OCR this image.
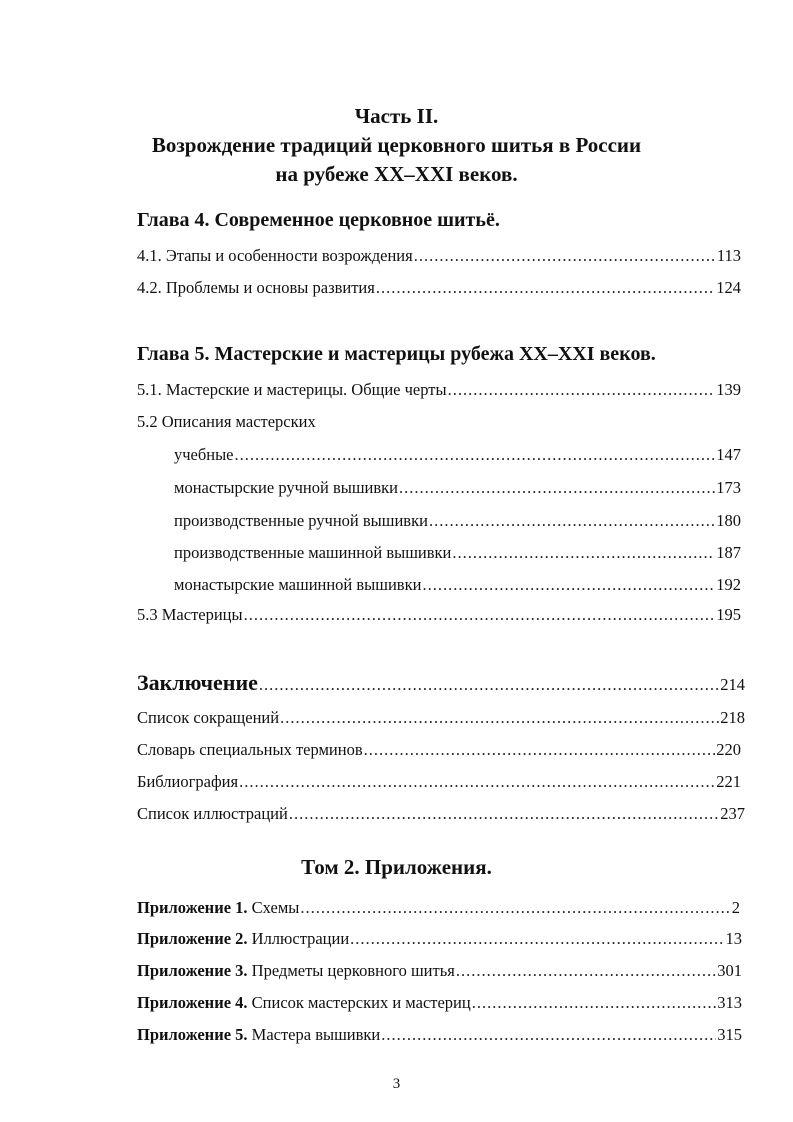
Часть II.
Возрождение традиций церковного шитья в России
на рубеже XX–XXI веков.
Глава 4. Современное церковное шитьё.
4.1. Этапы и особенности возрождения .....	113
4.2. Проблемы и основы развития .....	124
Глава 5. Мастерские и мастерицы рубежа XX–XXI веков.
5.1. Мастерские и мастерицы. Общие черты .....	139
5.2 Описания мастерских
учебные .....	147
монастырские ручной вышивки .....	173
производственные ручной вышивки .....	180
производственные машинной вышивки .....	187
монастырские машинной вышивки .....	192
5.3 Мастерицы .....	195
Заключение .....	214
Список сокращений .....	218
Словарь специальных терминов .....	220
Библиография .....	221
Список иллюстраций .....	237
Том 2. Приложения.
Приложение 1. Схемы .....	2
Приложение 2. Иллюстрации .....	13
Приложение 3. Предметы церковного шитья .....	301
Приложение 4. Список мастерских и мастериц .....	313
Приложение 5. Мастера вышивки .....	315
3
